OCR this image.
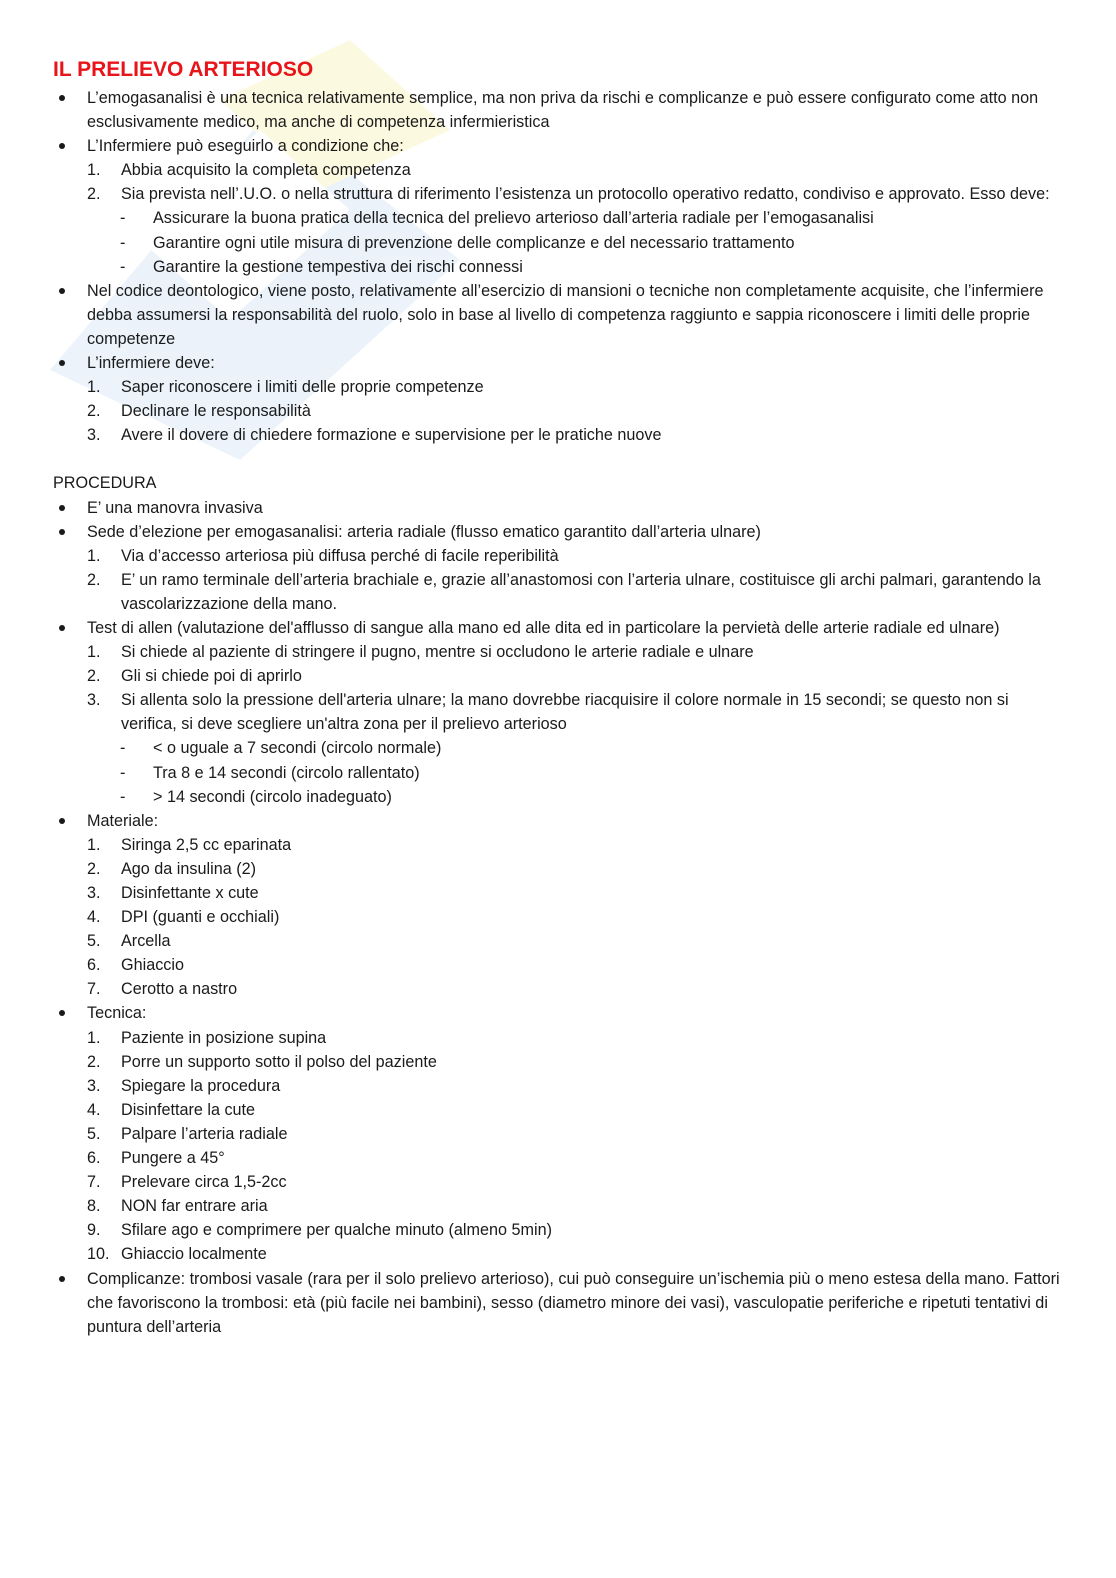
IL PRELIEVO ARTERIOSO
L’emogasanalisi è una tecnica relativamente semplice, ma non priva da rischi e complicanze e può essere configurato come atto non esclusivamente medico, ma anche di competenza infermieristica
L’Infermiere può eseguirlo a condizione che:
1. Abbia acquisito la completa competenza
2. Sia prevista nell’.U.O. o nella struttura di riferimento l’esistenza un protocollo operativo redatto, condiviso e approvato. Esso deve:
- Assicurare la buona pratica della tecnica del prelievo arterioso dall’arteria radiale per l’emogasanalisi
- Garantire ogni utile misura di prevenzione delle complicanze e del necessario trattamento
- Garantire la gestione tempestiva dei rischi connessi
Nel codice deontologico, viene posto, relativamente all’esercizio di mansioni o tecniche non completamente acquisite, che l’infermiere debba assumersi la responsabilità del ruolo, solo in base al livello di competenza raggiunto e sappia riconoscere i limiti delle proprie competenze
L’infermiere deve:
1. Saper riconoscere i limiti delle proprie competenze
2. Declinare le responsabilità
3. Avere il dovere di chiedere formazione e supervisione per le pratiche nuove
PROCEDURA
E’ una manovra invasiva
Sede d’elezione per emogasanalisi: arteria radiale (flusso ematico garantito dall’arteria ulnare)
1. Via d’accesso arteriosa più diffusa perché di facile reperibilità
2. E’ un ramo terminale dell’arteria brachiale e, grazie all’anastomosi con l’arteria ulnare, costituisce gli archi palmari, garantendo la vascolarizzazione della mano.
Test di allen (valutazione del'afflusso di sangue alla mano ed alle dita ed in particolare la pervietà delle arterie radiale ed ulnare)
1. Si chiede al paziente di stringere il pugno, mentre si occludono le arterie radiale e ulnare
2. Gli si chiede poi di aprirlo
3. Si allenta solo la pressione dell'arteria ulnare; la mano dovrebbe riacquisire il colore normale in 15 secondi; se questo non si verifica, si deve scegliere un'altra zona per il prelievo arterioso
- < o uguale a 7 secondi (circolo normale)
- Tra 8 e 14 secondi (circolo rallentato)
- > 14 secondi (circolo inadeguato)
Materiale:
1. Siringa 2,5 cc eparinata
2. Ago da insulina (2)
3. Disinfettante x cute
4. DPI (guanti e occhiali)
5. Arcella
6. Ghiaccio
7. Cerotto a nastro
Tecnica:
1. Paziente in posizione supina
2. Porre un supporto sotto il polso del paziente
3. Spiegare la procedura
4. Disinfettare la cute
5. Palpare l’arteria radiale
6. Pungere a 45°
7. Prelevare circa 1,5-2cc
8. NON far entrare aria
9. Sfilare ago e comprimere per qualche minuto (almeno 5min)
10. Ghiaccio localmente
Complicanze: trombosi vasale (rara per il solo prelievo arterioso), cui può conseguire un’ischemia più o meno estesa della mano. Fattori che favoriscono la trombosi: età (più facile nei bambini), sesso (diametro minore dei vasi), vasculopatie periferiche e ripetuti tentativi di puntura dell’arteria
